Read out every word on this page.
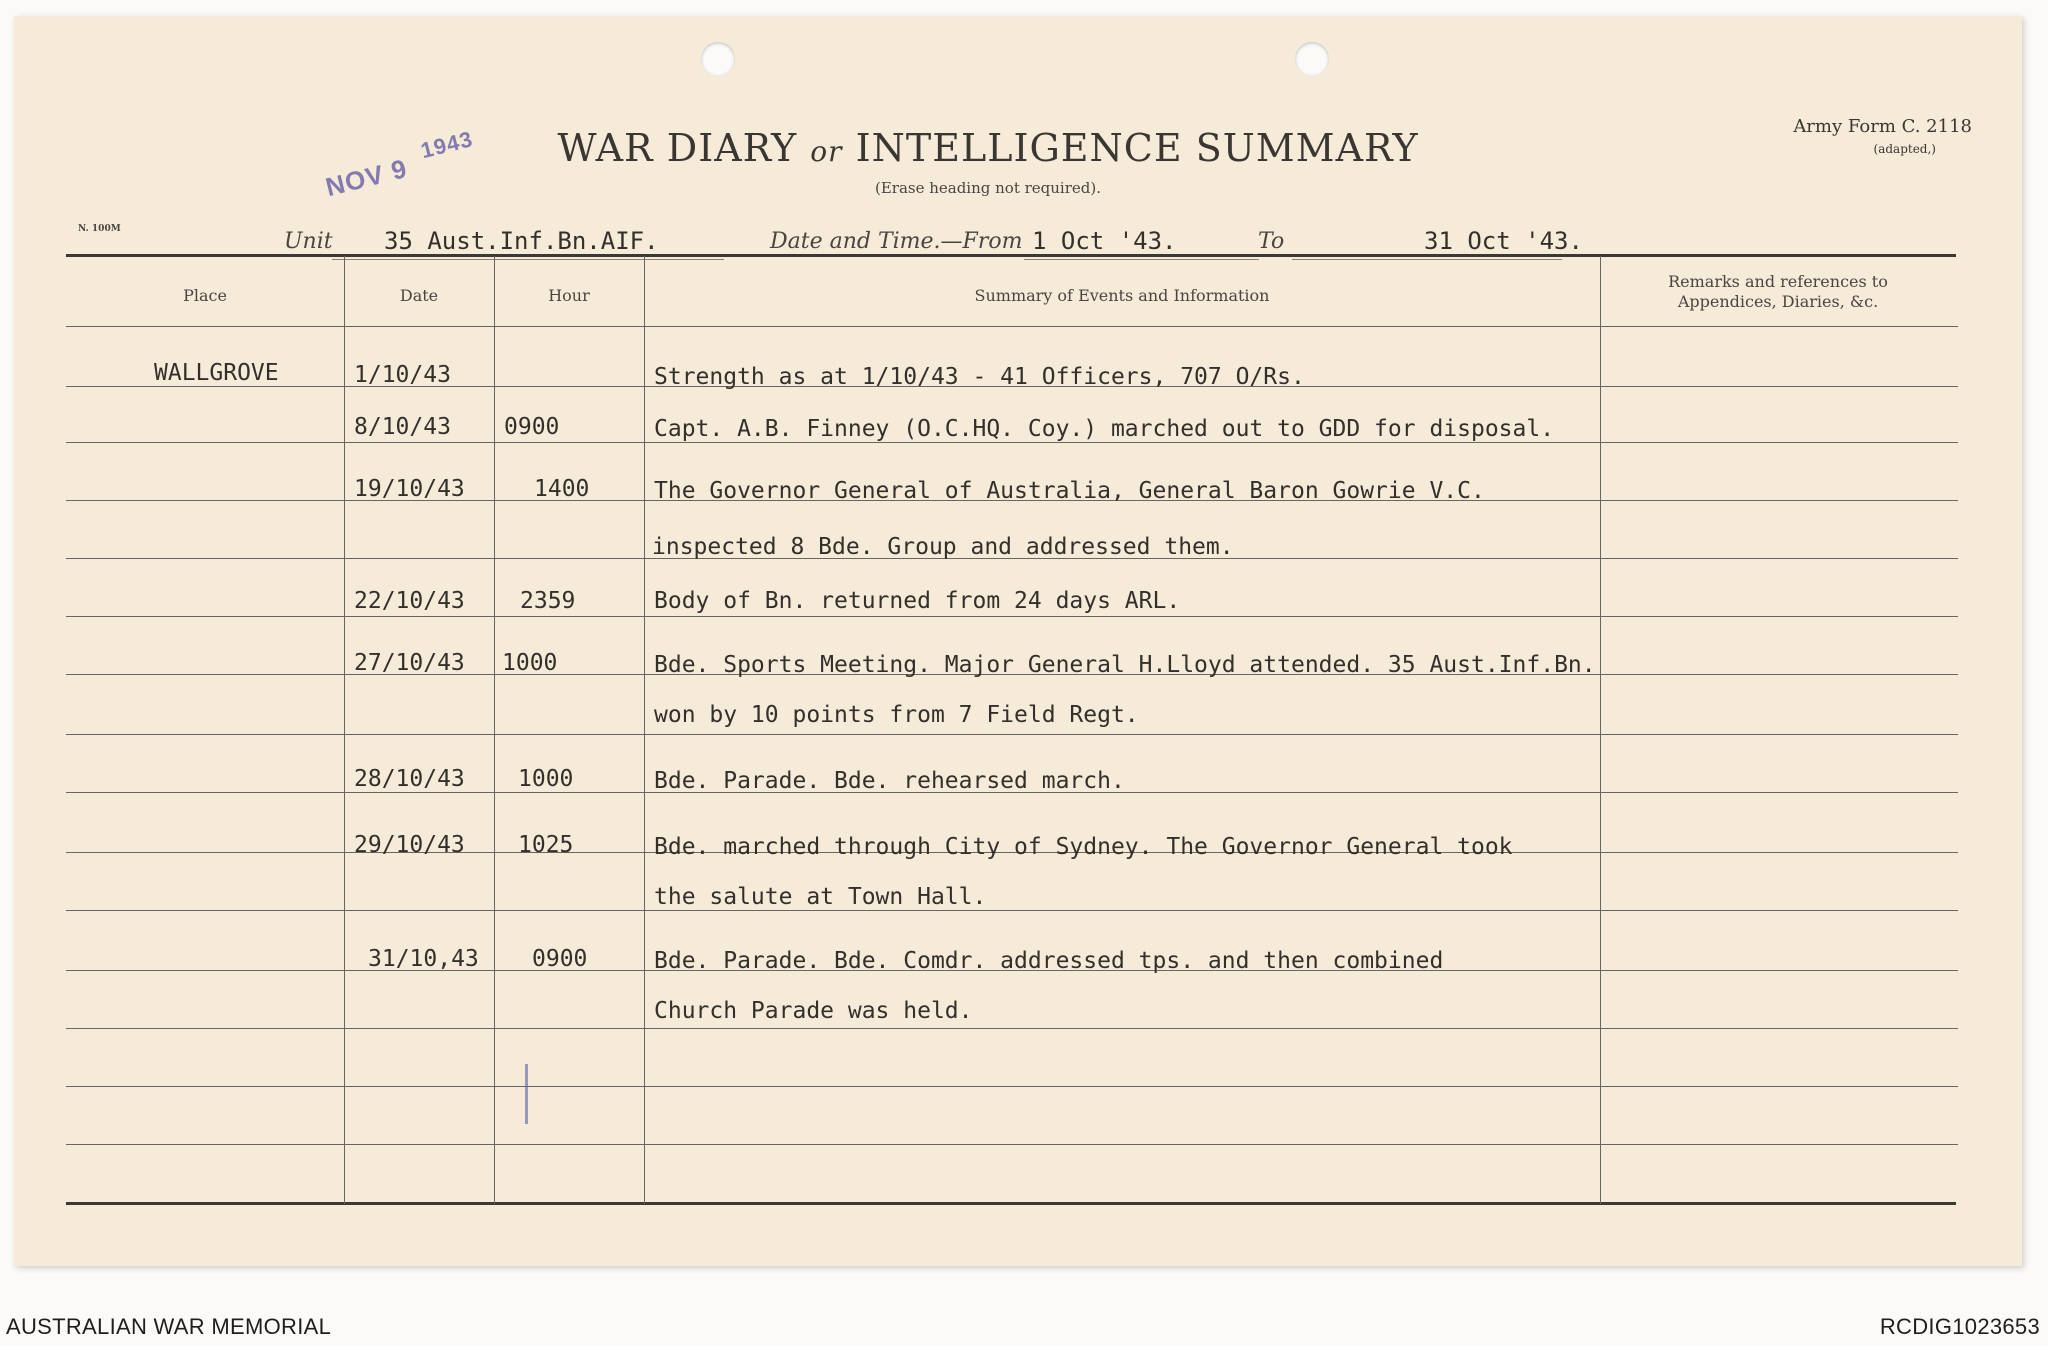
NOV $9^{1943}$	WAR DIARY or INTELLIGENCE SUMMARY
(Erase heading not required).
Army Form C. 2118
(adapted,)
N. 100M	Unit 35 Aust.Inf.Bn.AIF.	Date and Time.—From 1 Oct '43.	To	31 Oct '43.
Place	Date	Hour	Summary of Events and Information
Remarks and references to
Appendices, Diaries, &c.
WALLGROVE	1/10/43	Strength as at 1/10/43 - 41 Officers, 707 O/Rs.
8/10/43 0900	Capt. A.B. Finney (O.C.HQ. Coy.) marched out to GDD for disposal.
19/10/43	1400	The Governor General of Australia, General Baron Gowrie V.C.
inspected 8 Bde. Group and addressed them.
22/10/43 2359	Body of Bn. returned from 24 days ARL.
27/10/43 1000	Bde. Sports Meeting. Major General H.Lloyd attended. 35 Aust.Inf.Bn.
won by 10 points from 7 Field Regt.
28/10/43 1000	Bde. Parade. Bde. rehearsed march.
29/10/43 1025	Bde. marched through City of Sydney. The Governor General took
the salute at Town Hall.
31/10,43 0900	Bde. Parade. Bde. Comdr. addressed tps. and then combined
Church Parade was held.
AUSTRALIAN WAR MEMORIAL	RCDIG1023653
